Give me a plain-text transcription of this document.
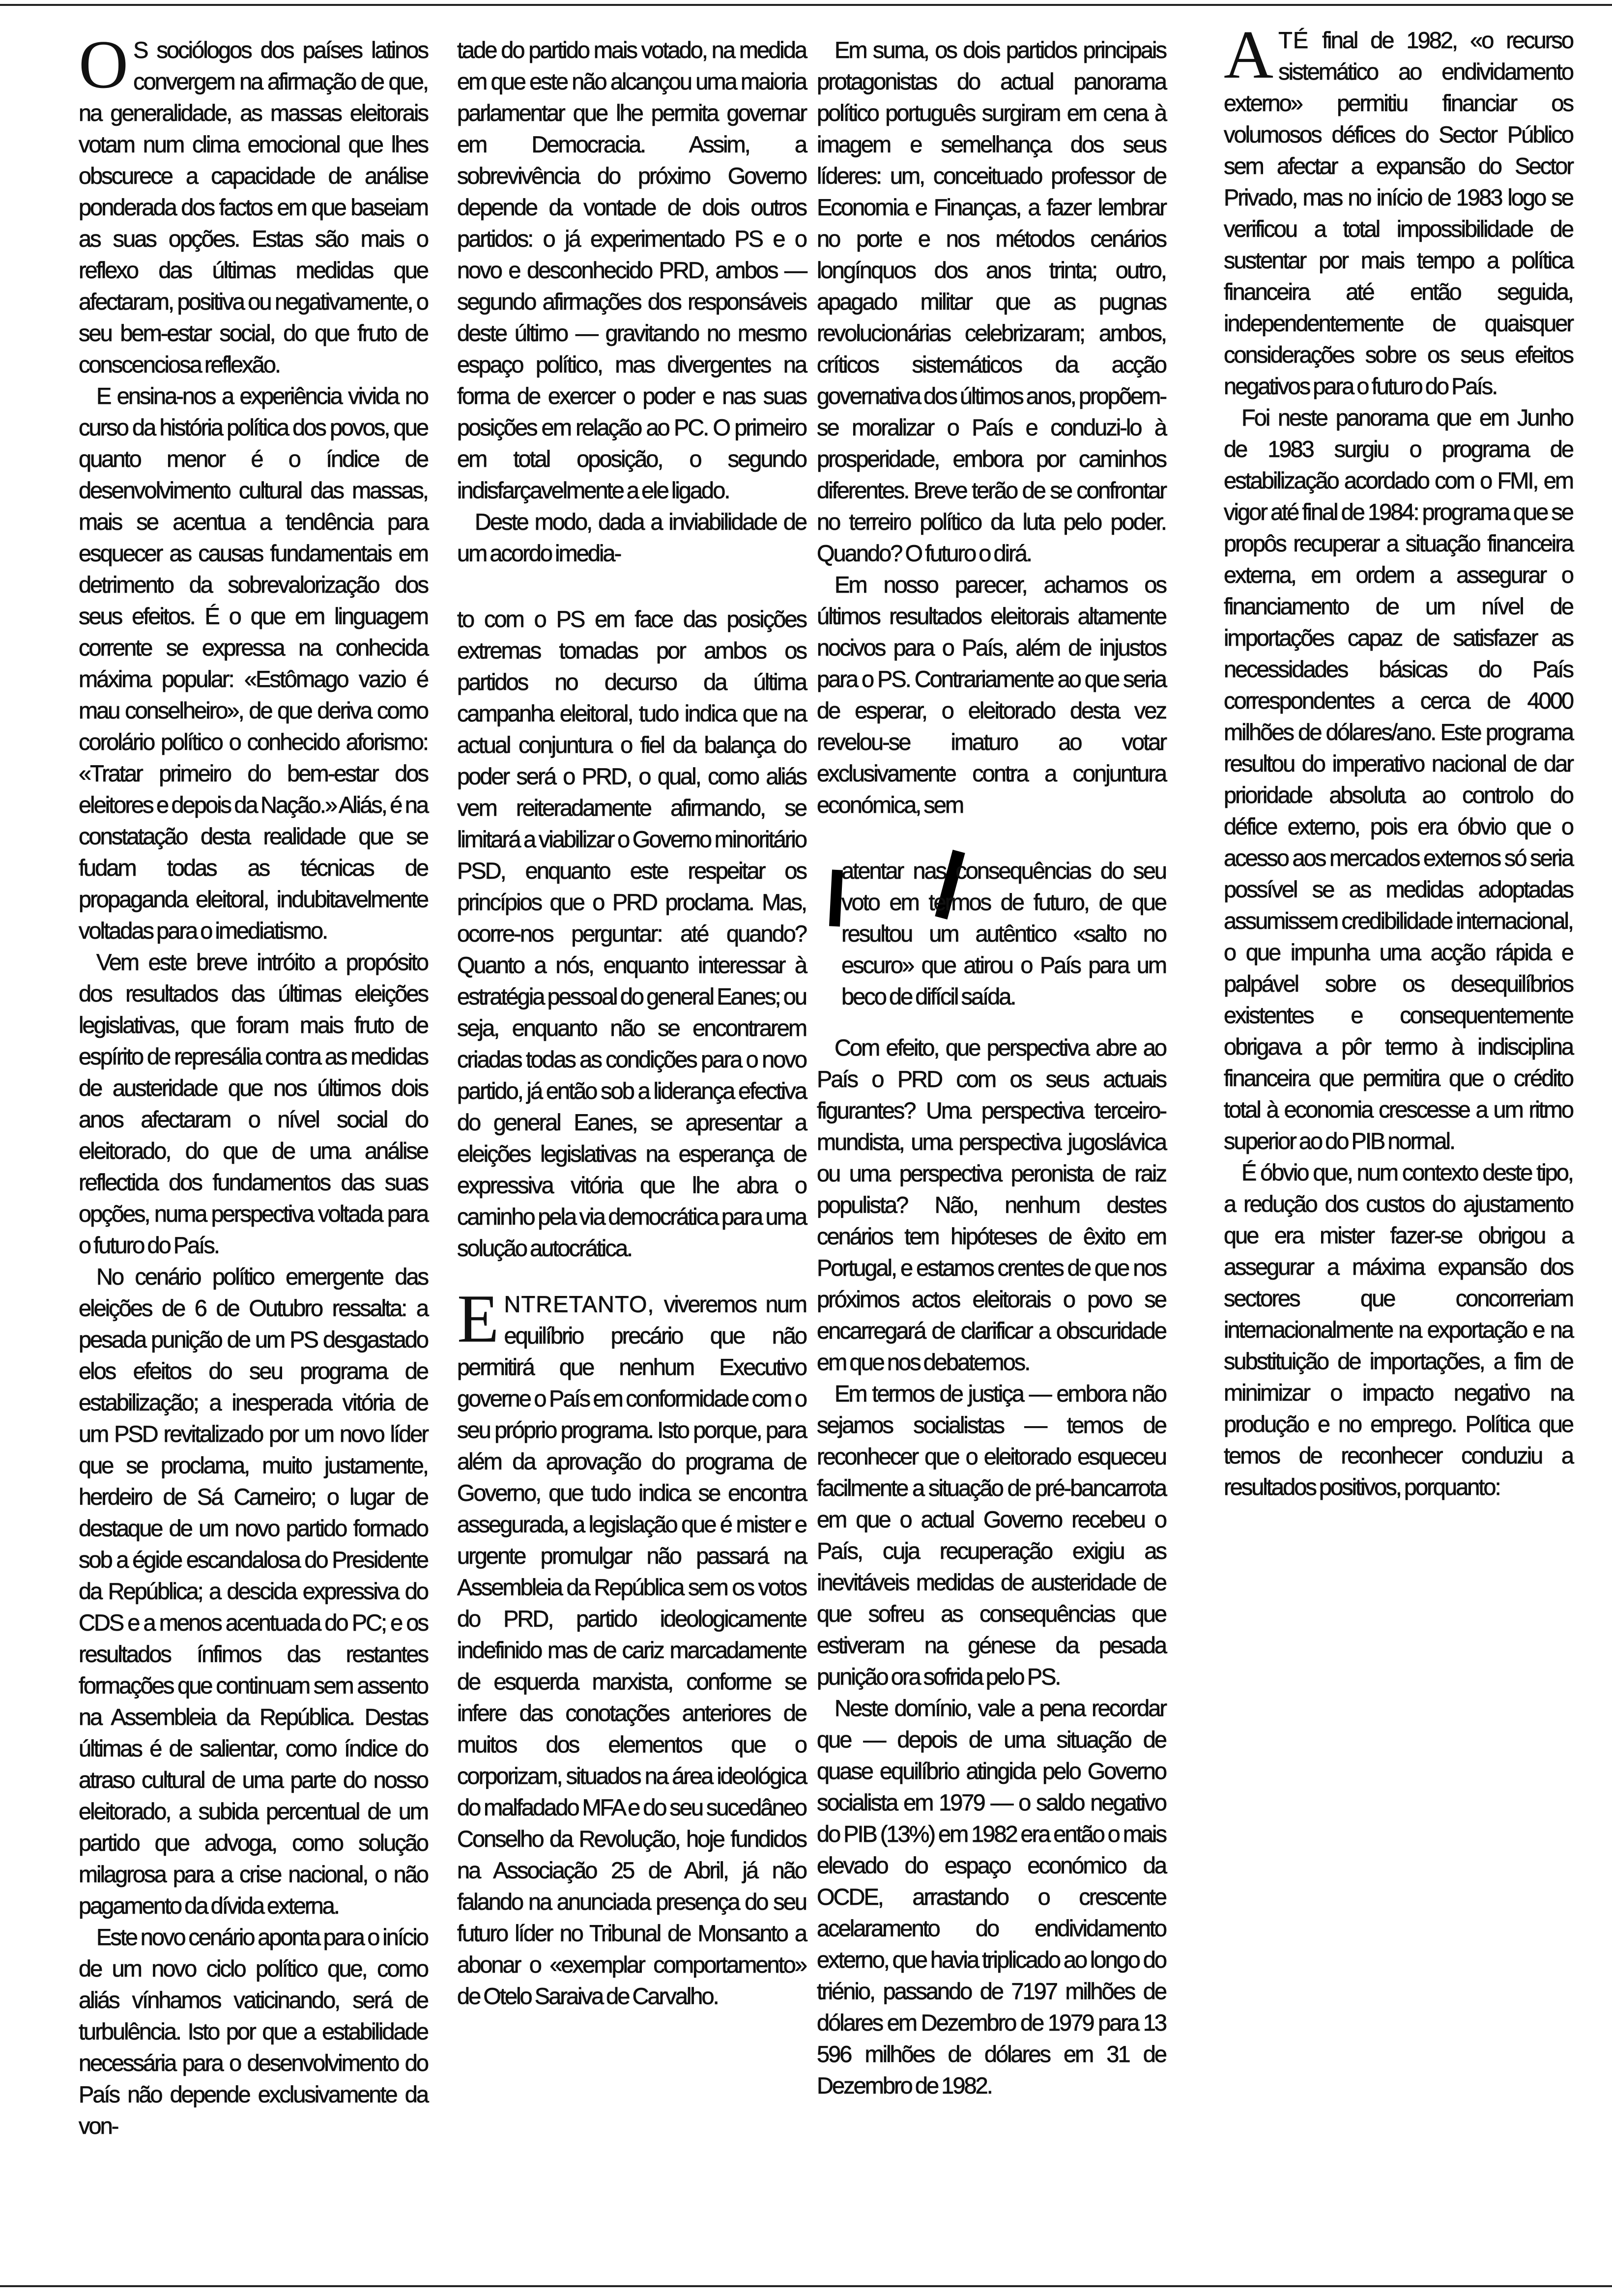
O S sociólogos dos países latinos convergem na afirmação de que, na generalidade, as massas eleitorais votam num clima emocional que lhes obscurece a capacidade de análise ponderada dos factos em que baseiam as suas opções. Estas são mais o reflexo das últimas medidas que afectaram, positiva ou negativamente, o seu bem-estar social, do que fruto de conscenciosa reflexão.

E ensina-nos a experiência vivida no curso da história política dos povos, que quanto menor é o índice de desenvolvimento cultural das massas, mais se acentua a tendência para esquecer as causas fundamentais em detrimento da sobrevalorização dos seus efeitos. É o que em linguagem corrente se expressa na conhecida máxima popular: «Estômago vazio é mau conselheiro», de que deriva como corolário político o conhecido aforismo: «Tratar primeiro do bem-estar dos eleitores e depois da Nação.» Aliás, é na constatação desta realidade que se fudam todas as técnicas de propaganda eleitoral, indubitavelmente voltadas para o imediatismo.

Vem este breve intróito a propósito dos resultados das últimas eleições legislativas, que foram mais fruto de espírito de represália contra as medidas de austeridade que nos últimos dois anos afectaram o nível social do eleitorado, do que de uma análise reflectida dos fundamentos das suas opções, numa perspectiva voltada para o futuro do País.

No cenário político emergente das eleições de 6 de Outubro ressalta: a pesada punição de um PS desgastado elos efeitos do seu programa de estabilização; a inesperada vitória de um PSD revitalizado por um novo líder que se proclama, muito justamente, herdeiro de Sá Carneiro; o lugar de destaque de um novo partido formado sob a égide escandalosa do Presidente da República; a descida expressiva do CDS e a menos acentuada do PC; e os resultados ínfimos das restantes formações que continuam sem assento na Assembleia da República. Destas últimas é de salientar, como índice do atraso cultural de uma parte do nosso eleitorado, a subida percentual de um partido que advoga, como solução milagrosa para a crise nacional, o não pagamento da dívida externa.

Este novo cenário aponta para o início de um novo ciclo político que, como aliás vínhamos vaticinando, será de turbulência. Isto por que a estabilidade necessária para o desenvolvimento do País não depende exclusivamente da von-

tade do partido mais votado, na medida em que este não alcançou uma maioria parlamentar que lhe permita governar em Democracia. Assim, a sobrevivência do próximo Governo depende da vontade de dois outros partidos: o já experimentado PS e o novo e desconhecido PRD, ambos — segundo afirmações dos responsáveis deste último — gravitando no mesmo espaço político, mas divergentes na forma de exercer o poder e nas suas posições em relação ao PC. O primeiro em total oposição, o segundo indisfarçavelmente a ele ligado.

Deste modo, dada a inviabilidade de um acordo imedia-

to com o PS em face das posições extremas tomadas por ambos os partidos no decurso da última campanha eleitoral, tudo indica que na actual conjuntura o fiel da balança do poder será o PRD, o qual, como aliás vem reiteradamente afirmando, se limitará a viabilizar o Governo minoritário PSD, enquanto este respeitar os princípios que o PRD proclama. Mas, ocorre-nos perguntar: até quando? Quanto a nós, enquanto interessar à estratégia pessoal do general Eanes; ou seja, enquanto não se encontrarem criadas todas as condições para o novo partido, já então sob a liderança efectiva do general Eanes, se apresentar a eleições legislativas na esperança de expressiva vitória que lhe abra o caminho pela via democrática para uma solução autocrática.

ENTRETANTO, viveremos num equilíbrio precário que não permitirá que nenhum Executivo governe o País em conformidade com o seu próprio programa. Isto porque, para além da aprovação do programa de Governo, que tudo indica se encontra assegurada, a legislação que é mister e urgente promulgar não passará na Assembleia da República sem os votos do PRD, partido ideologicamente indefinido mas de cariz marcadamente de esquerda marxista, conforme se infere das conotações anteriores de muitos dos elementos que o corporizam, situados na área ideológica do malfadado MFA e do seu sucedâneo Conselho da Revolução, hoje fundidos na Associação 25 de Abril, já não falando na anunciada presença do seu futuro líder no Tribunal de Monsanto a abonar o «exemplar comportamento» de Otelo Saraiva de Carvalho.

Em suma, os dois partidos principais protagonistas do actual panorama político português surgiram em cena à imagem e semelhança dos seus líderes: um, conceituado professor de Economia e Finanças, a fazer lembrar no porte e nos métodos cenários longínquos dos anos trinta; outro, apagado militar que as pugnas revolucionárias celebrizaram; ambos, críticos sistemáticos da acção governativa dos últimos anos, propõem-se moralizar o País e conduzi-lo à prosperidade, embora por caminhos diferentes. Breve terão de se confrontar no terreiro político da luta pelo poder. Quando? O futuro o dirá.

Em nosso parecer, achamos os últimos resultados eleitorais altamente nocivos para o País, além de injustos para o PS. Contrariamente ao que seria de esperar, o eleitorado desta vez revelou-se imaturo ao votar exclusivamente contra a conjuntura económica, sem

atentar nas consequências do seu voto em termos de futuro, de que resultou um autêntico «salto no escuro» que atirou o País para um beco de difícil saída.

Com efeito, que perspectiva abre ao País o PRD com os seus actuais figurantes? Uma perspectiva terceiro-mundista, uma perspectiva jugoslávica ou uma perspectiva peronista de raiz populista? Não, nenhum destes cenários tem hipóteses de êxito em Portugal, e estamos crentes de que nos próximos actos eleitorais o povo se encarregará de clarificar a obscuridade em que nos debatemos.

Em termos de justiça — embora não sejamos socialistas — temos de reconhecer que o eleitorado esqueceu facilmente a situação de pré-bancarrota em que o actual Governo recebeu o País, cuja recuperação exigiu as inevitáveis medidas de austeridade de que sofreu as consequências que estiveram na génese da pesada punição ora sofrida pelo PS.

Neste domínio, vale a pena recordar que — depois de uma situação de quase equilíbrio atingida pelo Governo socialista em 1979 — o saldo negativo do PIB (13%) em 1982 era então o mais elevado do espaço económico da OCDE, arrastando o crescente acelaramento do endividamento externo, que havia triplicado ao longo do triénio, passando de 7197 milhões de dólares em Dezembro de 1979 para 13 596 milhões de dólares em 31 de Dezembro de 1982.

ATÉ final de 1982, «o recurso sistemático ao endividamento externo» permitiu financiar os volumosos défices do Sector Público sem afectar a expansão do Sector Privado, mas no início de 1983 logo se verificou a total impossibilidade de sustentar por mais tempo a política financeira até então seguida, independentemente de quaisquer considerações sobre os seus efeitos negativos para o futuro do País.

Foi neste panorama que em Junho de 1983 surgiu o programa de estabilização acordado com o FMI, em vigor até final de 1984: programa que se propôs recuperar a situação financeira externa, em ordem a assegurar o financiamento de um nível de importações capaz de satisfazer as necessidades básicas do País correspondentes a cerca de 4000 milhões de dólares/ano. Este programa resultou do imperativo nacional de dar prioridade absoluta ao controlo do défice externo, pois era óbvio que o acesso aos mercados externos só seria possível se as medidas adoptadas assumissem credibilidade internacional, o que impunha uma acção rápida e palpável sobre os desequilíbrios existentes e consequentemente obrigava a pôr termo à indisciplina financeira que permitira que o crédito total à economia crescesse a um ritmo superior ao do PIB normal.

É óbvio que, num contexto deste tipo, a redução dos custos do ajustamento que era mister fazer-se obrigou a assegurar a máxima expansão dos sectores que concorreriam internacionalmente na exportação e na substituição de importações, a fim de minimizar o impacto negativo na produção e no emprego. Política que temos de reconhecer conduziu a resultados positivos, porquanto:
